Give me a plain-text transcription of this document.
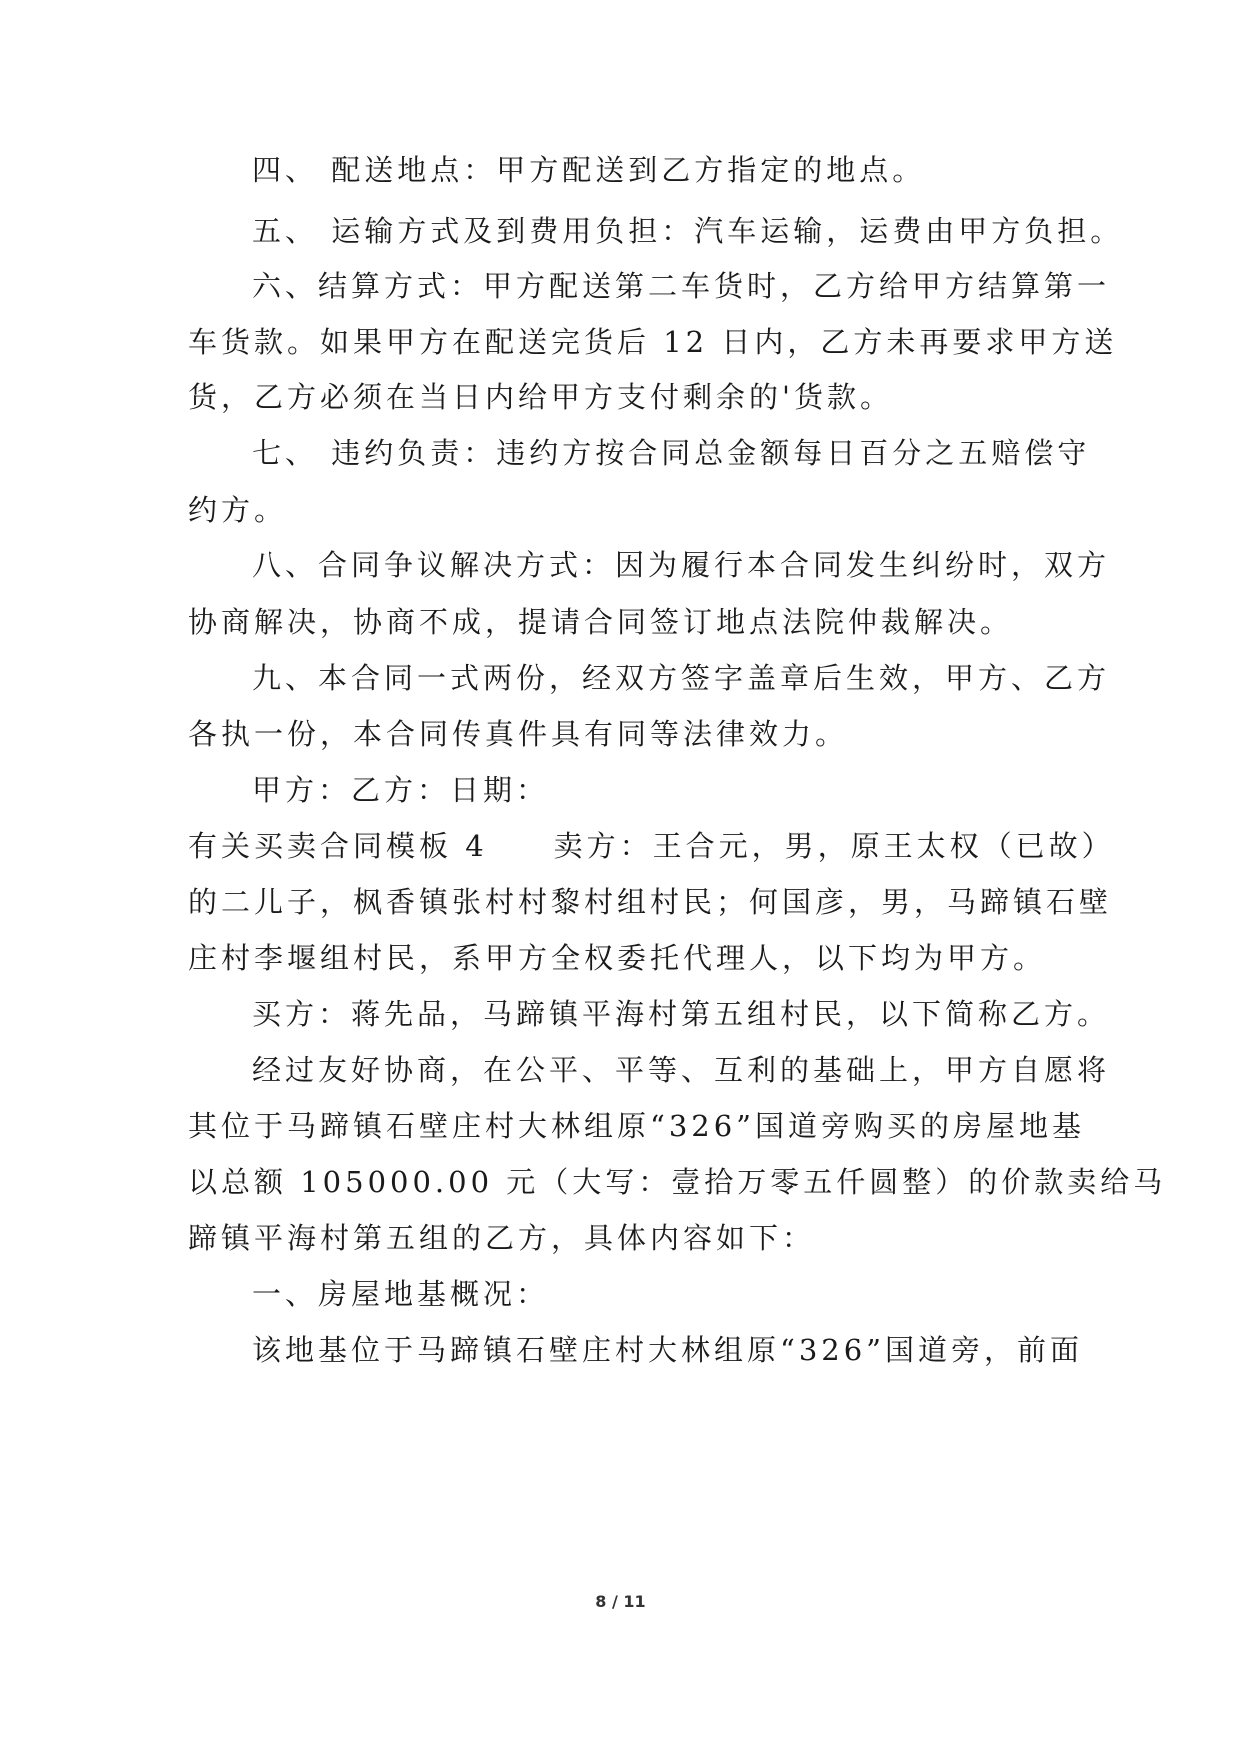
四、 配送地点：甲方配送到乙方指定的地点。
五、 运输方式及到费用负担：汽车运输，运费由甲方负担。
六、结算方式：甲方配送第二车货时，乙方给甲方结算第一
车货款。如果甲方在配送完货后 12 日内，乙方未再要求甲方送
货，乙方必须在当日内给甲方支付剩余的'货款。
七、 违约负责：违约方按合同总金额每日百分之五赔偿守
约方。
八、合同争议解决方式：因为履行本合同发生纠纷时，双方
协商解决，协商不成，提请合同签订地点法院仲裁解决。
九、本合同一式两份，经双方签字盖章后生效，甲方、乙方
各执一份，本合同传真件具有同等法律效力。
甲方：乙方：日期：
有关买卖合同模板 4　　卖方：王合元，男，原王太权（已故）
的二儿子，枫香镇张村村黎村组村民；何国彦，男，马蹄镇石壁
庄村李堰组村民，系甲方全权委托代理人，以下均为甲方。
买方：蒋先品，马蹄镇平海村第五组村民，以下简称乙方。
经过友好协商，在公平、平等、互利的基础上，甲方自愿将
其位于马蹄镇石壁庄村大林组原“326”国道旁购买的房屋地基
以总额 105000.00 元（大写：壹拾万零五仟圆整）的价款卖给马
蹄镇平海村第五组的乙方，具体内容如下：
一、房屋地基概况：
该地基位于马蹄镇石壁庄村大林组原“326”国道旁，前面
8 / 11
